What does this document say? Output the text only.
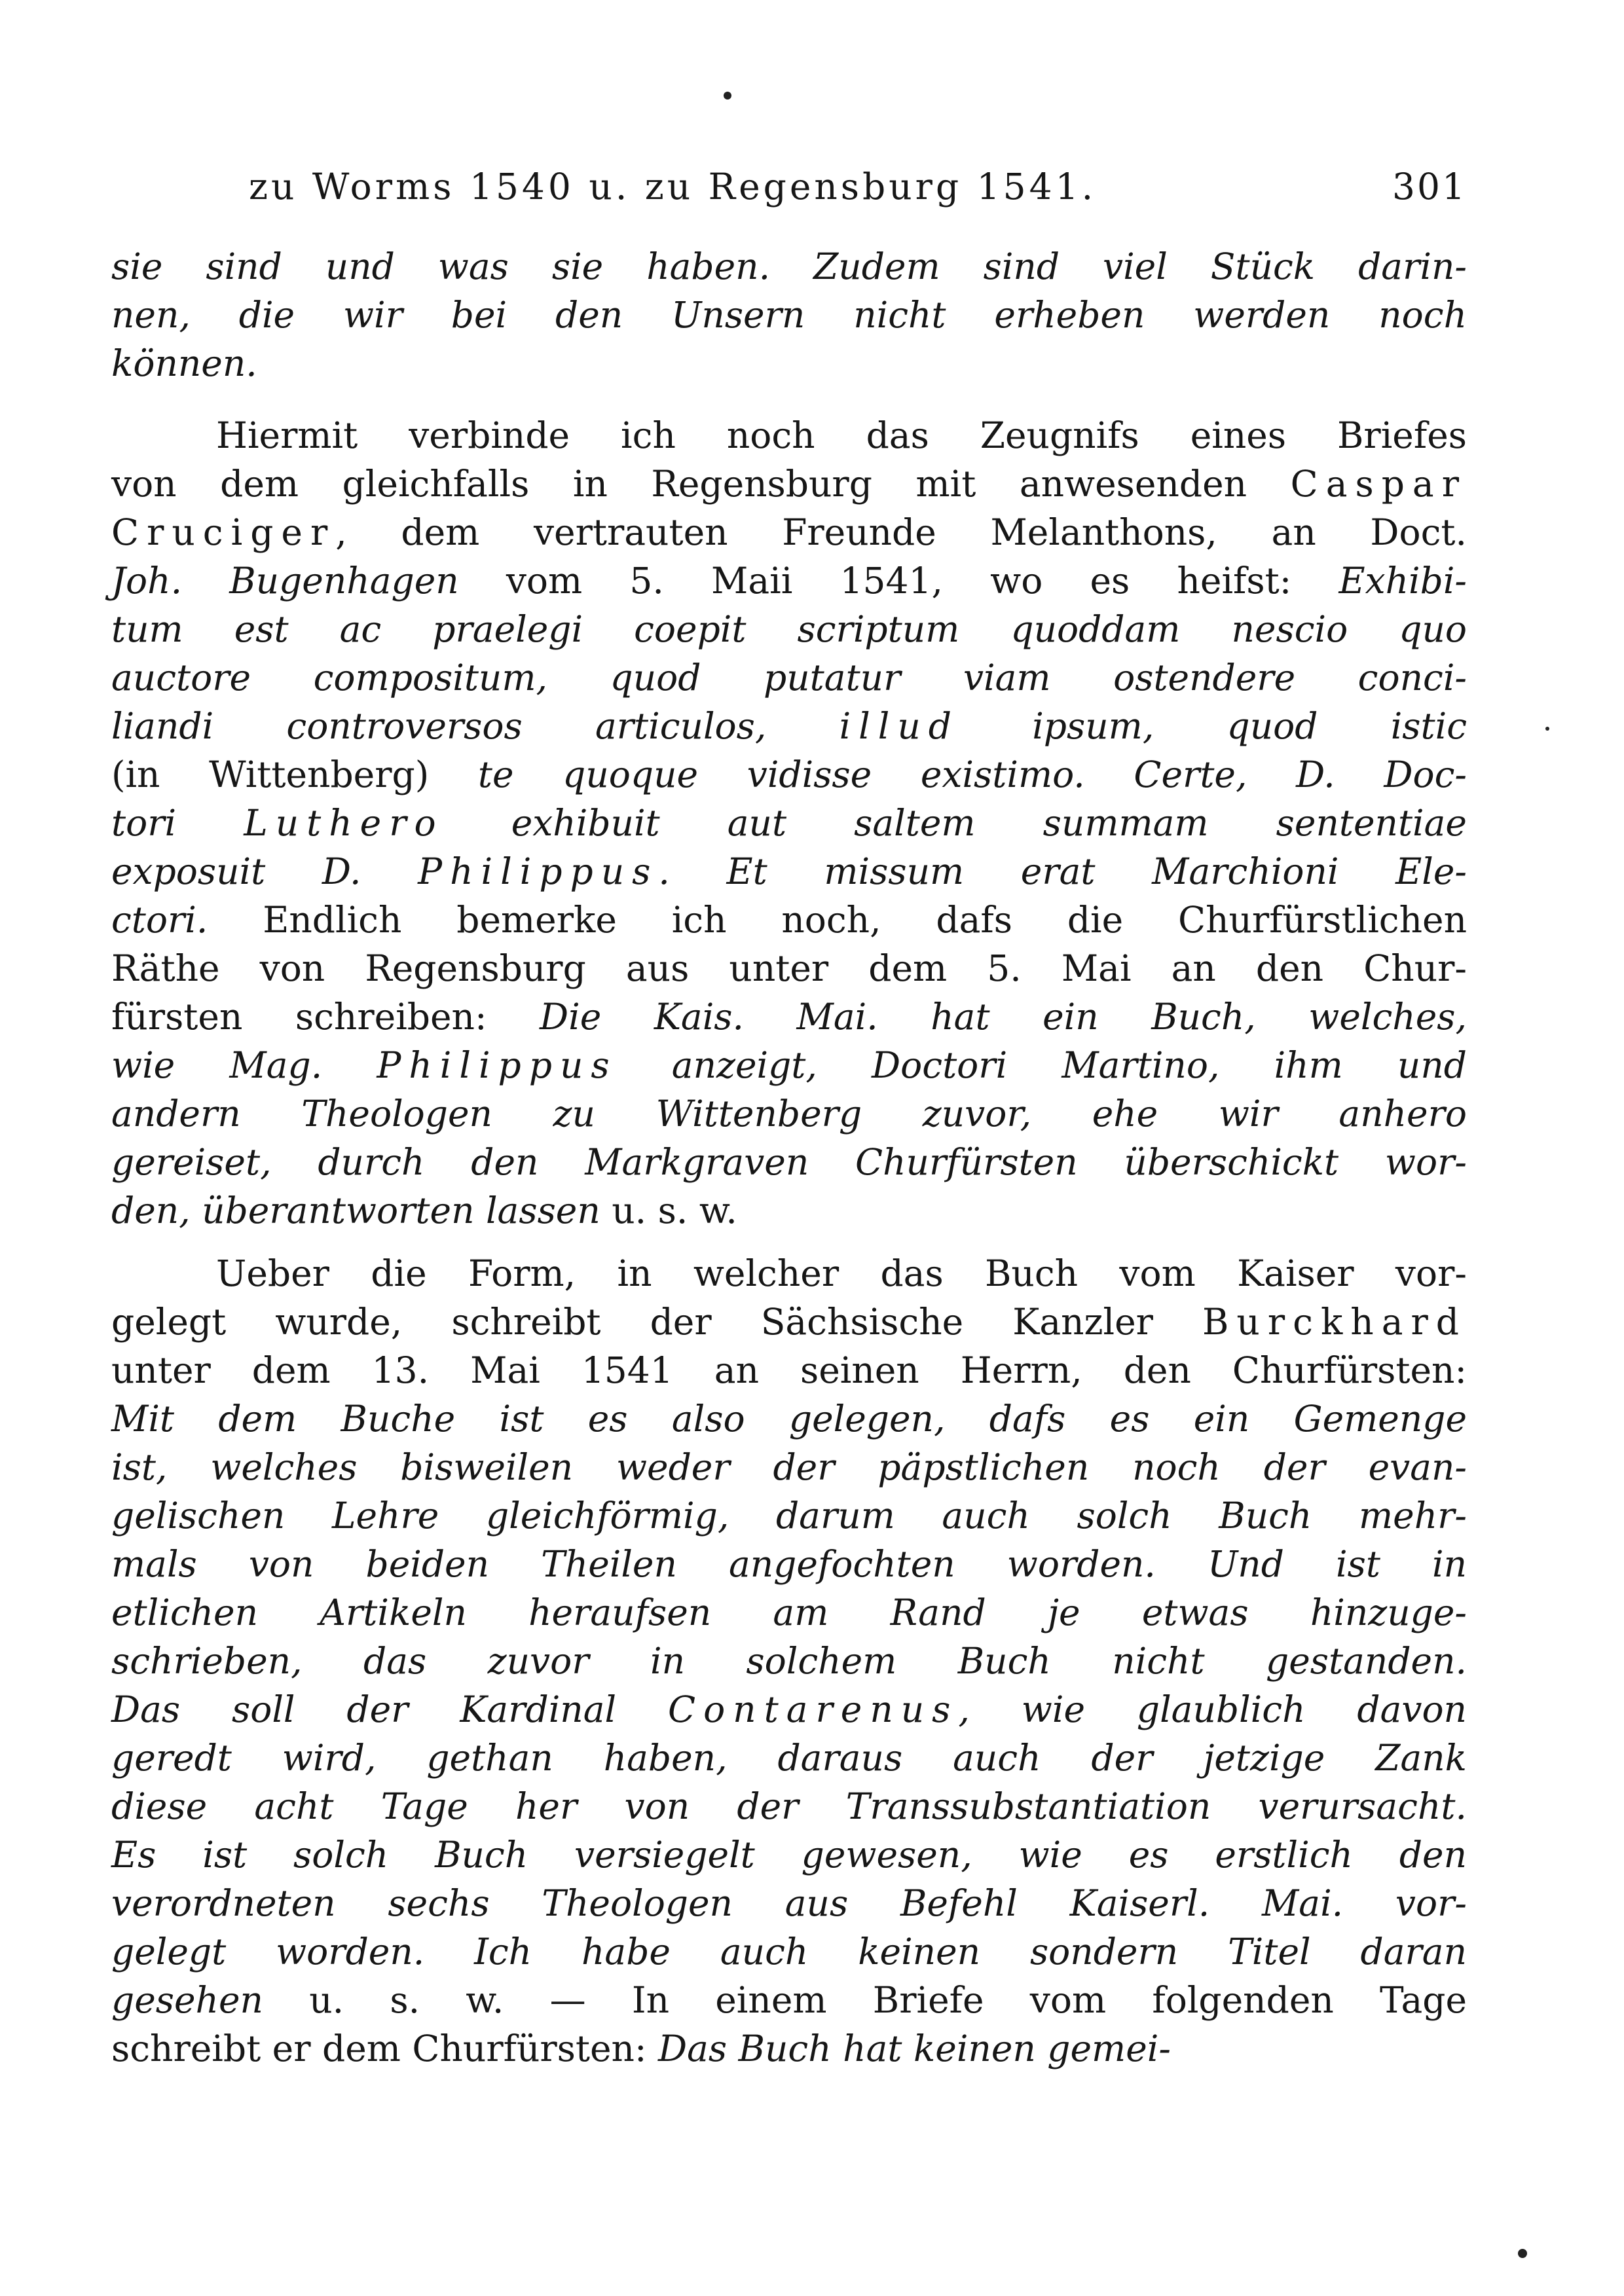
zu Worms 1540 u. zu Regensburg 1541.	301
sie sind und was sie haben. Zudem sind viel Stück darin-
nen, die wir bei den Unsern nicht erheben werden noch
können.
Hiermit verbinde ich noch das Zeugnifs eines Briefes
von dem gleichfalls in Regensburg mit anwesenden Caspar
Cruciger, dem vertrauten Freunde Melanthons, an Doct.
Joh. Bugenhagen vom 5. Maii 1541, wo es heifst: Exhibi-
tum est ac praelegi coepit scriptum quoddam nescio quo
auctore compositum, quod putatur viam ostendere conci-
liandi controversos articulos, illud ipsum, quod istic
(in Wittenberg) te quoque vidisse existimo. Certe, D. Doc-
tori Luthero exhibuit aut saltem summam sententiae
exposuit D. Philippus. Et missum erat Marchioni Ele-
ctori. Endlich bemerke ich noch, dafs die Churfürstlichen
Räthe von Regensburg aus unter dem 5. Mai an den Chur-
fürsten schreiben: Die Kais. Mai. hat ein Buch, welches,
wie Mag. Philippus anzeigt, Doctori Martino, ihm und
andern Theologen zu Wittenberg zuvor, ehe wir anhero
gereiset, durch den Markgraven Churfürsten überschickt wor-
den, überantworten lassen u. s. w.
Ueber die Form, in welcher das Buch vom Kaiser vor-
gelegt wurde, schreibt der Sächsische Kanzler Burckhard
unter dem 13. Mai 1541 an seinen Herrn, den Churfürsten:
Mit dem Buche ist es also gelegen, dafs es ein Gemenge
ist, welches bisweilen weder der päpstlichen noch der evan-
gelischen Lehre gleichförmig, darum auch solch Buch mehr-
mals von beiden Theilen angefochten worden. Und ist in
etlichen Artikeln heraufsen am Rand je etwas hinzuge-
schrieben, das zuvor in solchem Buch nicht gestanden.
Das soll der Kardinal Contarenus, wie glaublich davon
geredt wird, gethan haben, daraus auch der jetzige Zank
diese acht Tage her von der Transsubstantiation verursacht.
Es ist solch Buch versiegelt gewesen, wie es erstlich den
verordneten sechs Theologen aus Befehl Kaiserl. Mai. vor-
gelegt worden. Ich habe auch keinen sondern Titel daran
gesehen u. s. w. — In einem Briefe vom folgenden Tage
schreibt er dem Churfürsten: Das Buch hat keinen gemei-
